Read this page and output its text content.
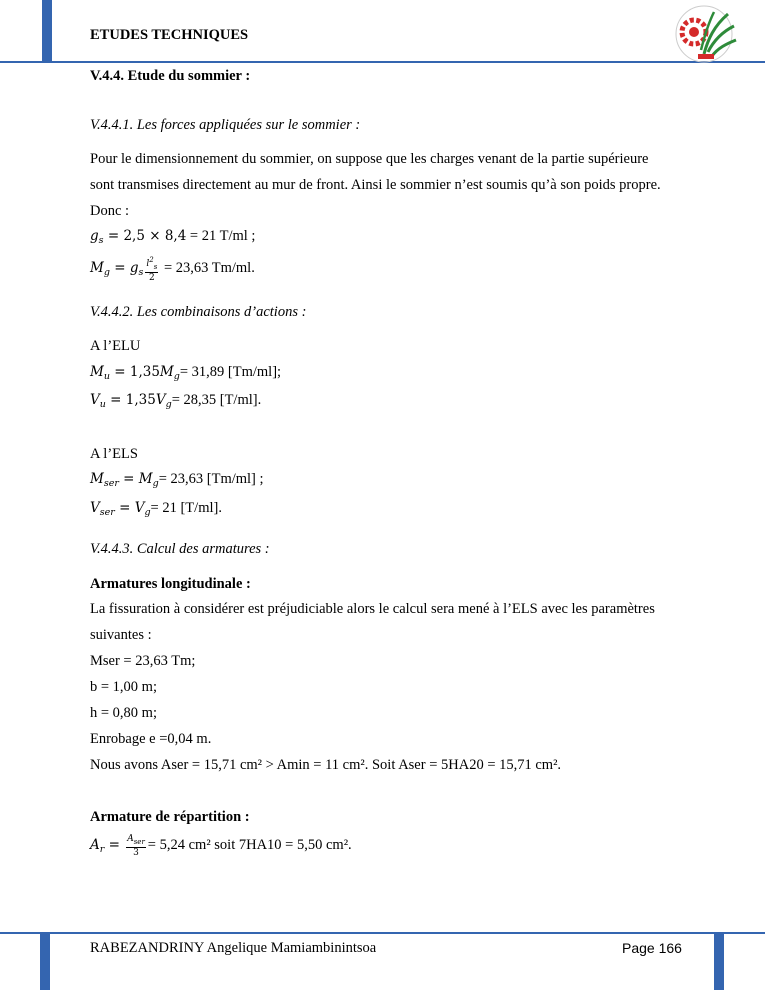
ETUDES TECHNIQUES
V.4.4. Etude du sommier :
V.4.4.1. Les forces appliquées sur le sommier :
Pour le dimensionnement du sommier, on suppose que les charges venant de la partie supérieure
sont transmises directement au mur de front. Ainsi le sommier n’est soumis qu’à son poids propre.
Donc :
$g_s = 2,5 \times 8,4 = 21$ T/ml ;
$M_g = g_s \frac{l^2_s}{2} = 23,63$ Tm/ml.
V.4.4.2. Les combinaisons d’actions :
A l’ELU
$M_u = 1,35M_g= 31,89$ [Tm/ml];
$V_u = 1,35V_g= 28,35$ [T/ml].
A l’ELS
$M_{ser} = M_g= 23,63$ [Tm/ml] ;
$V_{ser} = V_g= 21$ [T/ml].
V.4.4.3. Calcul des armatures :
Armatures longitudinale :
La fissuration à considérer est préjudiciable alors le calcul sera mené à l’ELS avec les paramètres
suivantes :
Mser = 23,63 Tm;
b = 1,00 m;
h = 0,80 m;
Enrobage e =0,04 m.
Nous avons Aser = 15,71 cm² > Amin = 11 cm². Soit Aser = 5HA20 = 15,71 cm².
Armature de répartition :
$A_r = \frac{A_{ser}}{3} = 5,24$ cm² soit 7HA10 = 5,50 cm².
RABEZANDRINY Angelique Mamiambinintsoa	Page 166
